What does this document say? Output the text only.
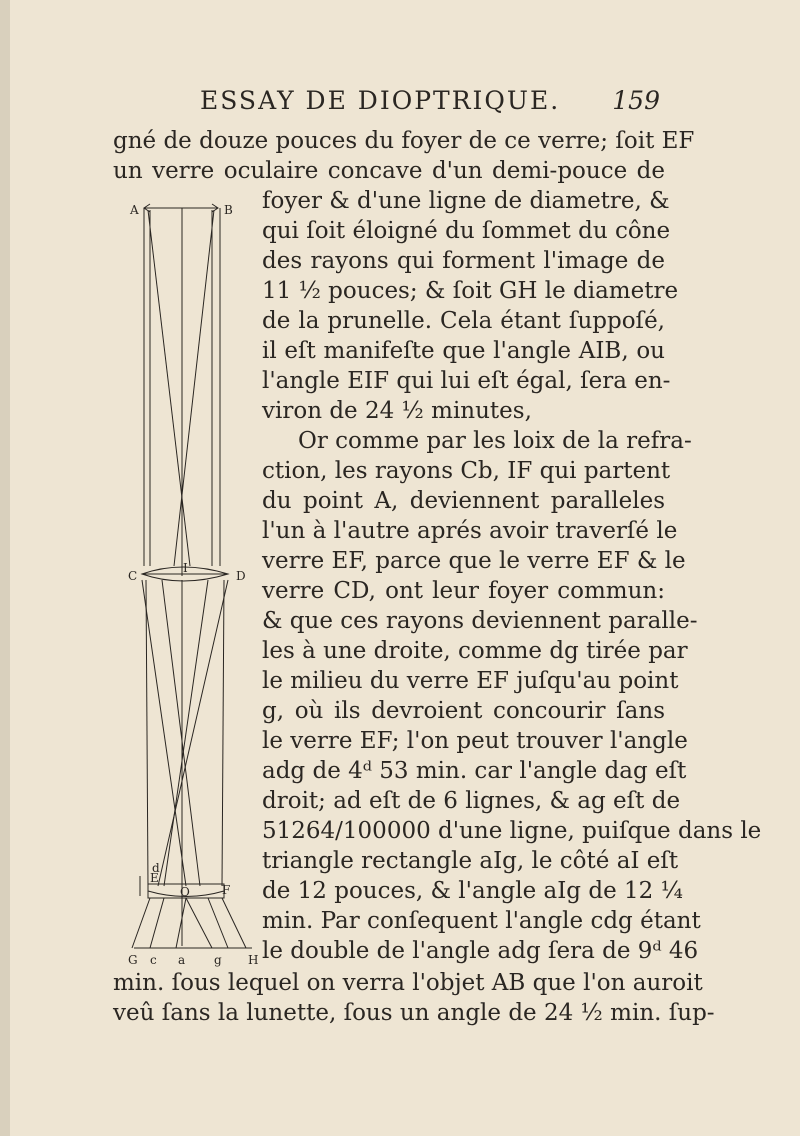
ESSAY DE DIOPTRIQUE. 159
gné de douze pouces du foyer de ce verre; ſoit EF
un verre oculaire concave d'un demi-pouce de
foyer & d'une ligne de diametre, &
qui ſoit éloigné du ſommet du cône
des rayons qui forment l'image de
11 ½ pouces; & ſoit GH le diametre
de la prunelle. Cela étant ſuppoſé,
il eſt manifeſte que l'angle AIB, ou
l'angle EIF qui lui eſt égal, ſera en-
viron de 24 ½ minutes,
Or comme par les loix de la refra-
ction, les rayons Cb, IF qui partent
du point A, deviennent paralleles
l'un à l'autre aprés avoir traverſé le
verre EF, parce que le verre EF & le
verre CD, ont leur foyer commun:
& que ces rayons deviennent paralle-
les à une droite, comme dg tirée par
le milieu du verre EF juſqu'au point
g, où ils devroient concourir ſans
le verre EF; l'on peut trouver l'angle
adg de 4ᵈ 53 min. car l'angle dag eſt
droit; ad eſt de 6 lignes, & ag eſt de
51264/100000 d'une ligne, puiſque dans le
triangle rectangle aIg, le côté aI eſt
de 12 pouces, & l'angle aIg de 12 ¼
min. Par conſequent l'angle cdg étant
le double de l'angle adg ſera de 9ᵈ 46
min. ſous lequel on verra l'objet AB que l'on auroit
veû ſans la lunette, ſous un angle de 24 ½ min. ſup-
A	B
C	D
I
E
F
O
d
G c a g H
